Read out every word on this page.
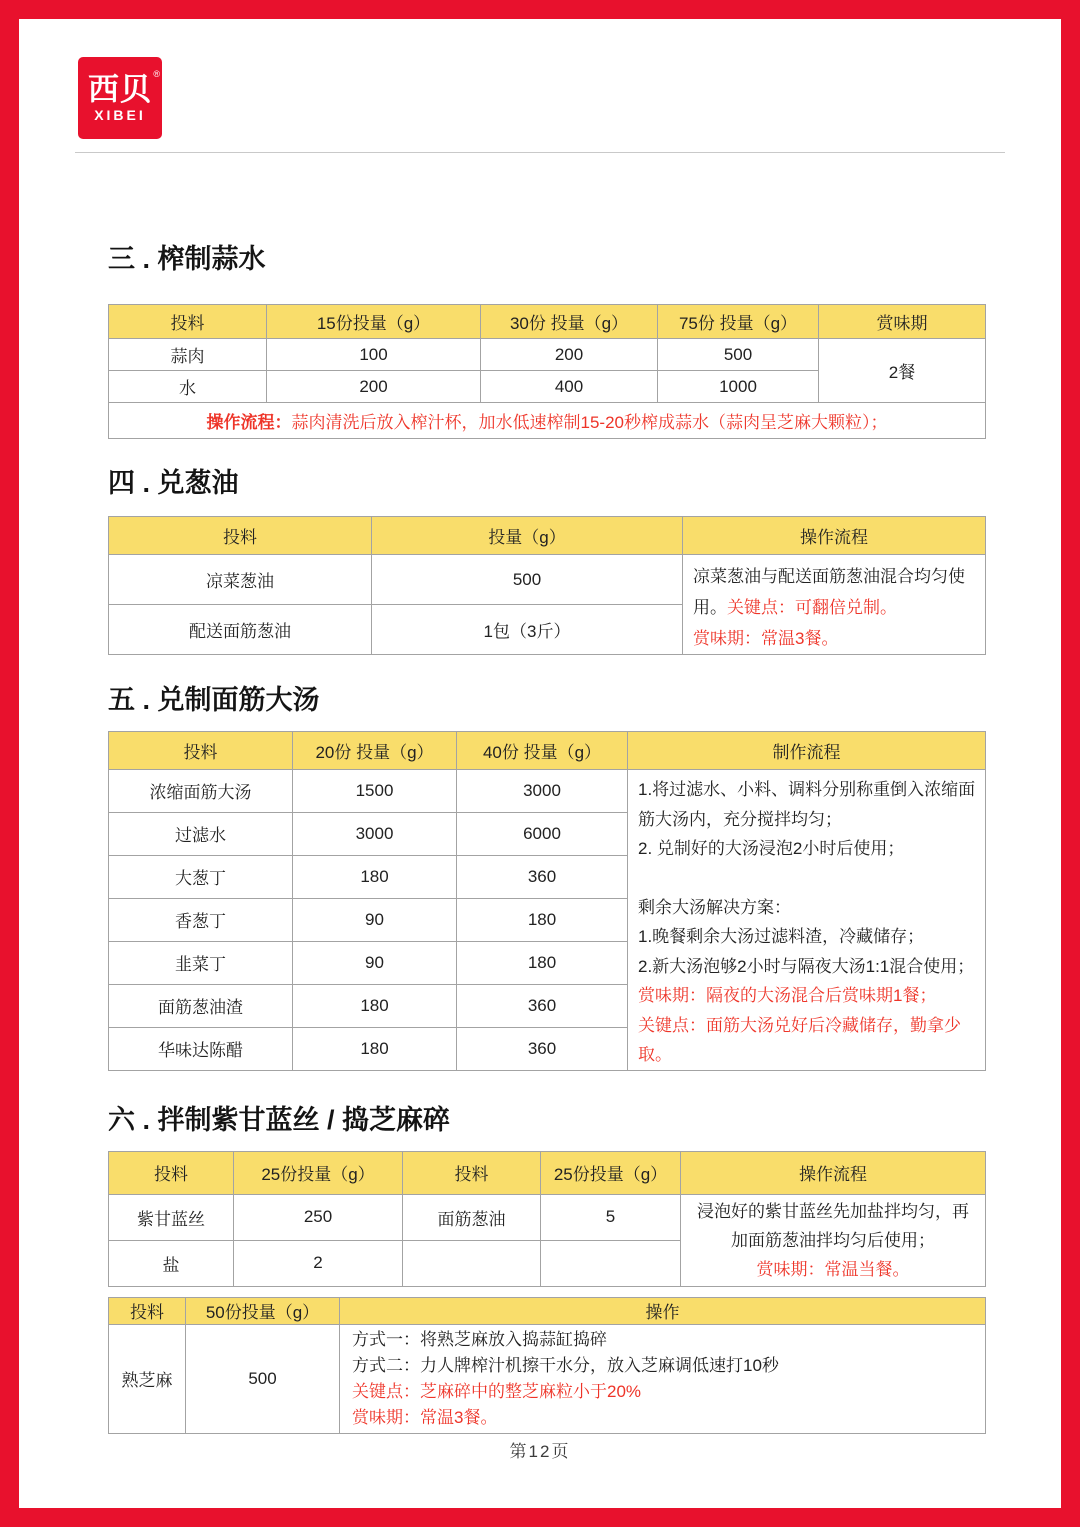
西贝 ®
XIBEI
三 . 榨制蒜水
投料	15份投量（g）	30份 投量（g）	75份 投量（g）	赏味期
蒜肉	100	200	500	2餐
水	200	400	1000	
操作流程：蒜肉清洗后放入榨汁杯，加水低速榨制15-20秒榨成蒜水（蒜肉呈芝麻大颗粒）；				
四 . 兑葱油
投料	投量（g）	操作流程
凉菜葱油	500	凉菜葱油与配送面筋葱油混合均匀使用。关键点：可翻倍兑制。
赏味期：常温3餐。

配送面筋葱油	1包（3斤）	
五 . 兑制面筋大汤
投料	20份 投量（g）	40份 投量（g）	制作流程
浓缩面筋大汤	1500	3000	1.将过滤水、小料、调料分别称重倒入浓缩面筋大汤内，充分搅拌均匀；
2. 兑制好的大汤浸泡2小时后使用；
剩余大汤解决方案：
1.晚餐剩余大汤过滤料渣，冷藏储存；
2.新大汤泡够2小时与隔夜大汤1:1混合使用；
赏味期：隔夜的大汤混合后赏味期1餐；
关键点：面筋大汤兑好后冷藏储存，勤拿少取。

过滤水	3000	6000	
大葱丁	180	360	
香葱丁	90	180	
韭菜丁	90	180	
面筋葱油渣	180	360	
华味达陈醋	180	360	
六 . 拌制紫甘蓝丝 / 捣芝麻碎
投料	25份投量（g）	投料	25份投量（g）	操作流程
紫甘蓝丝	250	面筋葱油	5	浸泡好的紫甘蓝丝先加盐拌均匀，再加面筋葱油拌均匀后使用；
赏味期：常温当餐。

盐	2			
投料	50份投量（g）	操作
熟芝麻	500	方式一：将熟芝麻放入捣蒜缸捣碎
方式二：力人牌榨汁机擦干水分，放入芝麻调低速打10秒
关键点：芝麻碎中的整芝麻粒小于20%
赏味期：常温3餐。
第12页
